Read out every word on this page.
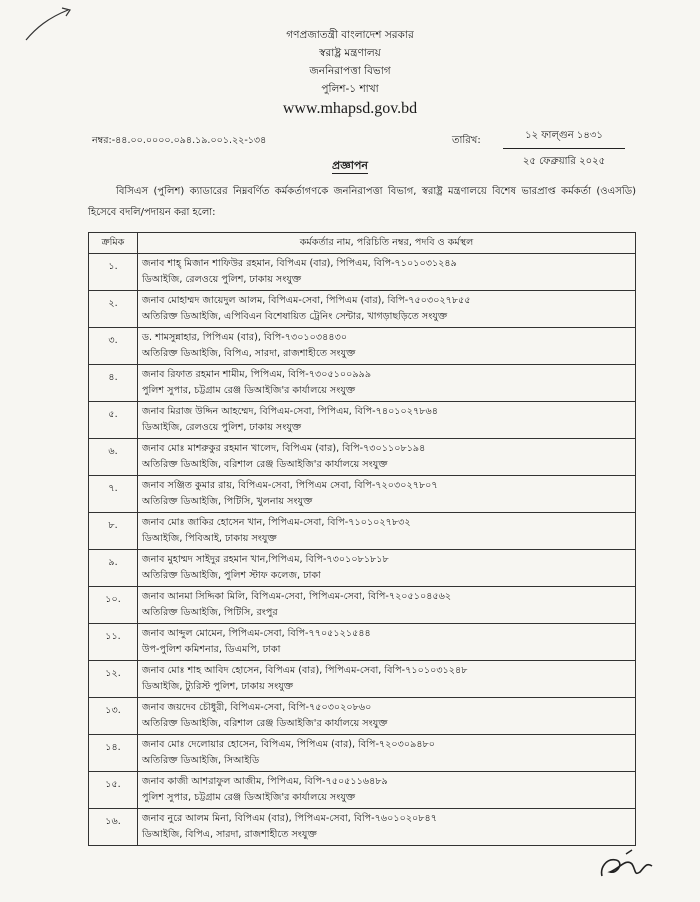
গণপ্রজাতন্ত্রী বাংলাদেশ সরকার
স্বরাষ্ট্র মন্ত্রণালয়
জননিরাপত্তা বিভাগ
পুলিশ-১ শাখা
www.mhapsd.gov.bd
নম্বর:-৪৪.০০.০০০০.০৯৪.১৯.০০১.২২-১৩৪	তারিখ:	১২ ফাল্গুন ১৪৩১
২৫ ফেব্রুয়ারি ২০২৫
প্রজ্ঞাপন
বিসিএস (পুলিশ) ক্যাডারের নিম্নবর্ণিত কর্মকর্তাগণকে জননিরাপত্তা বিভাগ, স্বরাষ্ট্র মন্ত্রণালয়ে বিশেষ ভারপ্রাপ্ত কর্মকর্তা (ওএসডি) হিসেবে বদলি/পদায়ন করা হলো:
ক্রমিক	কর্মকর্তার নাম, পরিচিতি নম্বর, পদবি ও কর্মস্থল
১.	জনাব শাহ্ মিজান শাফিউর রহমান, বিপিএম (বার), পিপিএম, বিপি-৭১০১০৩১২৪৯
ডিআইজি, রেলওয়ে পুলিশ, ঢাকায় সংযুক্ত

২.	জনাব মোহাম্মদ জায়েদুল আলম, বিপিএম-সেবা, পিপিএম (বার), বিপি-৭৫০৩০২৭৮৫৫
অতিরিক্ত ডিআইজি, এপিবিএন বিশেষায়িত ট্রেনিং সেন্টার, খাগড়াছড়িতে সংযুক্ত

৩.	ড. শামসুন্নাহার, পিপিএম (বার), বিপি-৭৩০১০৩৪৪৩০
অতিরিক্ত ডিআইজি, বিপিএ, সারদা, রাজশাহীতে সংযুক্ত

৪.	জনাব রিফাত রহমান শামীম, পিপিএম, বিপি-৭৩০৫১০০৯৯৯
পুলিশ সুপার, চট্টগ্রাম রেঞ্জ ডিআইজি'র কার্যালয়ে সংযুক্ত

৫.	জনাব মিরাজ উদ্দিন আহম্মেদ, বিপিএম-সেবা, পিপিএম, বিপি-৭৪০১০২৭৮৬৪
ডিআইজি, রেলওয়ে পুলিশ, ঢাকায় সংযুক্ত

৬.	জনাব মোঃ মাশরুকুর রহমান খালেদ, বিপিএম (বার), বিপি-৭৩০১১০৮১৯৪
অতিরিক্ত ডিআইজি, বরিশাল রেঞ্জ ডিআইজি'র কার্যালয়ে সংযুক্ত

৭.	জনাব সঞ্জিত কুমার রায়, বিপিএম-সেবা, পিপিএম সেবা, বিপি-৭২০৩০২৭৮০৭
অতিরিক্ত ডিআইজি, পিটিসি, খুলনায় সংযুক্ত

৮.	জনাব মোঃ জাকির হোসেন খান, পিপিএম-সেবা, বিপি-৭১০১০২৭৮৩২
ডিআইজি, পিবিআই, ঢাকায় সংযুক্ত

৯.	জনাব মুহাম্মদ সাইদুর রহমান খান,পিপিএম, বিপি-৭৩০১০৮১৮১৮
অতিরিক্ত ডিআইজি, পুলিশ স্টাফ কলেজ, ঢাকা

১০.	জনাব আনমা সিদ্দিকা মিলি, বিপিএম-সেবা, পিপিএম-সেবা, বিপি-৭২০৫১০৪৫৬২
অতিরিক্ত ডিআইজি, পিটিসি, রংপুর

১১.	জনাব আব্দুল মোমেন, পিপিএম-সেবা, বিপি-৭৭০৫১২১৫৪৪
উপ-পুলিশ কমিশনার, ডিএমপি, ঢাকা

১২.	জনাব মোঃ শাহ আবিদ হোসেন, বিপিএম (বার), পিপিএম-সেবা, বিপি-৭১০১০৩১২৪৮
ডিআইজি, ট্যুরিস্ট পুলিশ, ঢাকায় সংযুক্ত

১৩.	জনাব জয়দেব চৌধুরী, বিপিএম-সেবা, বিপি-৭৫০৩০২০৮৬০
অতিরিক্ত ডিআইজি, বরিশাল রেঞ্জ ডিআইজি'র কার্যালয়ে সংযুক্ত

১৪.	জনাব মোঃ দেলোয়ার হোসেন, বিপিএম, পিপিএম (বার), বিপি-৭২০৩০৯৪৮০
অতিরিক্ত ডিআইজি, সিআইডি

১৫.	জনাব কাজী আশরাফুল আজীম, পিপিএম, বিপি-৭৫০৫১১৬৪৮৯
পুলিশ সুপার, চট্টগ্রাম রেঞ্জ ডিআইজি'র কার্যালয়ে সংযুক্ত

১৬.	জনাব নুরে আলম মিনা, বিপিএম (বার), পিপিএম-সেবা, বিপি-৭৬০১০২০৮৪৭
ডিআইজি, বিপিএ, সারদা, রাজশাহীতে সংযুক্ত
